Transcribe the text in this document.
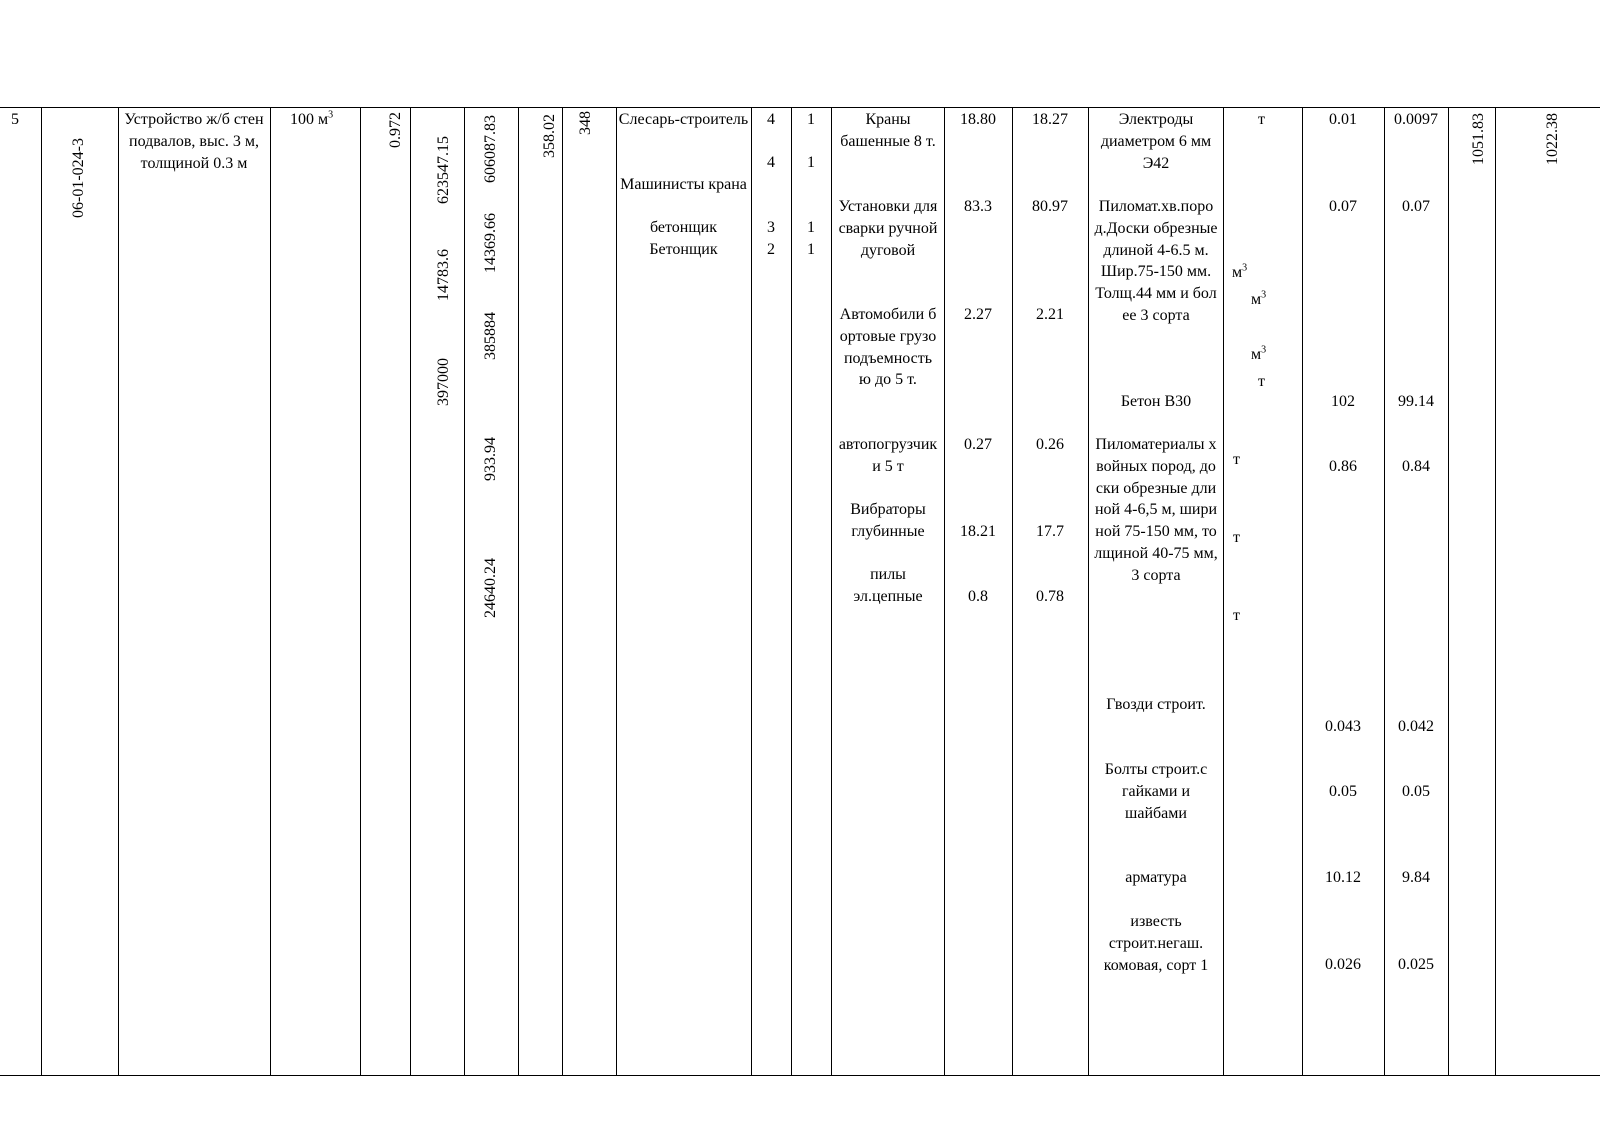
5
06-01-024-3
Устройство ж/б стен подвалов, выс. 3 м, толщиной 0.3 м
100 $м^3$	0.972
623547.15
14783.6
397000
606087.83
14369.66
385884
933.94
24640.24
358.02 348 Слесарь-строитель
Машинисты крана
бетонщик
Бетонщик
4
4
3
2
1
1
1
1
Краны башенные 8 т.
Установки для сварки ручной дуговой
Автомобили бортовые грузоподъемностью до 5 т.
автопогрузчики 5 т
Вибраторы глубинные
пилы эл.цепные
18.80
83.3
2.27
0.27
18.21
0.8
18.27
80.97
2.21
0.26
17.7
0.78
Электроды диаметром 6 мм Э42
Пиломат.хв.пород.Доски обрезные длиной 4-6.5 м. Шир.75-150 мм. Толщ.44 мм и более 3 сорта
Бетон В30
Пиломатериалы хвойных пород, доски обрезные длиной 4-6,5 м, шириной 75-150 мм, толщиной 40-75 мм, 3 сорта
Гвозди строит.
Болты строит.с гайками и шайбами
арматура
известь строит.негаш. комовая, сорт 1
т
$м^3$
$м^3$
$м^3$
т
т
т
т
0.01
0.07
102
0.86
0.043
0.05
10.12
0.026
0.0097
0.07
99.14
0.84
0.042
0.05
9.84
0.025
1051.83	1022.38
